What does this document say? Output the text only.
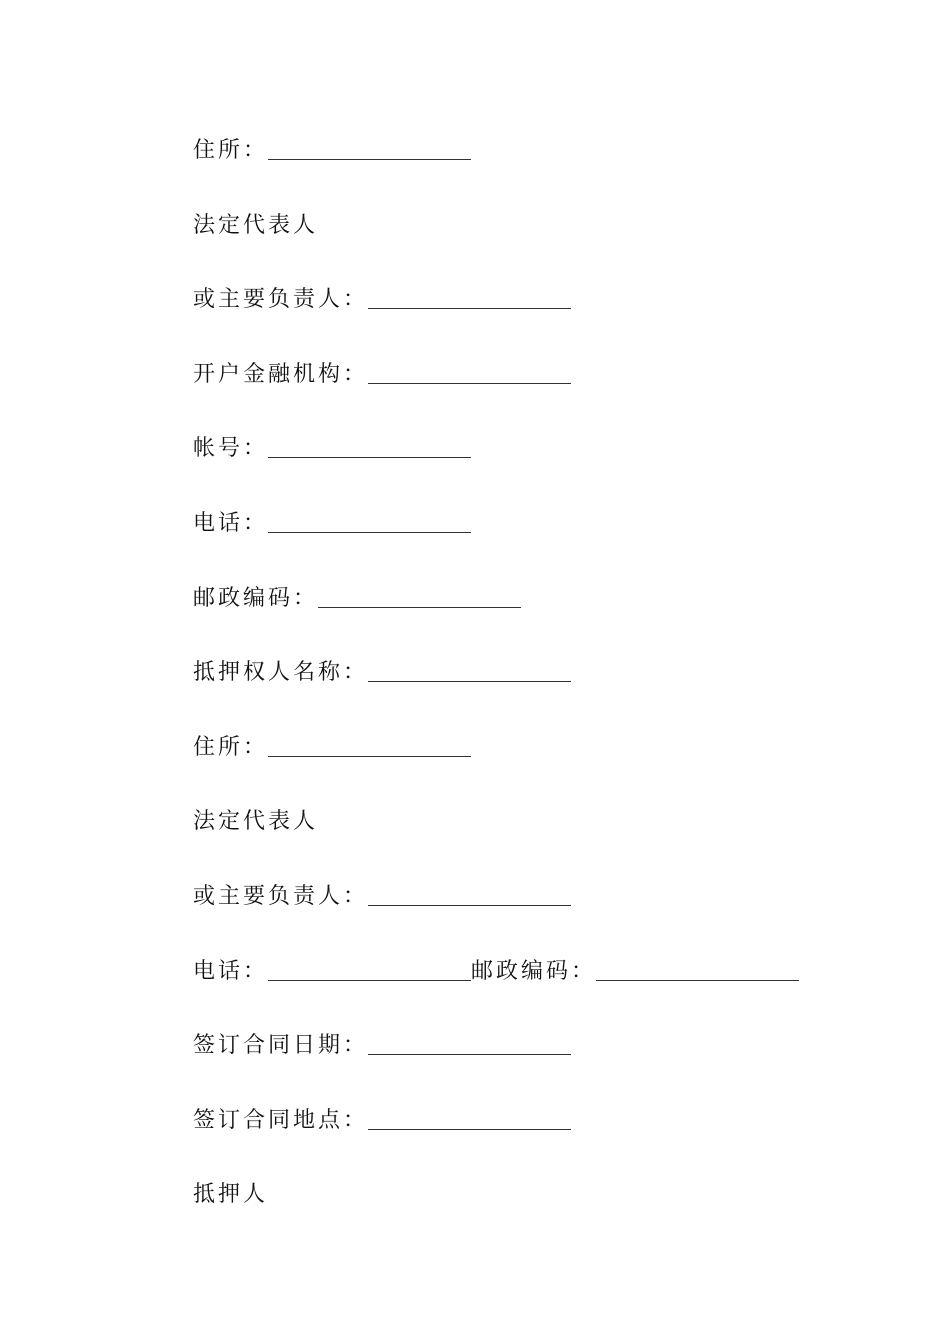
住所：
法定代表人
或主要负责人：
开户金融机构：
帐号：
电话：
邮政编码：
抵押权人名称：
住所：
法定代表人
或主要负责人：
电话：	邮政编码：
签订合同日期：
签订合同地点：
抵押人
